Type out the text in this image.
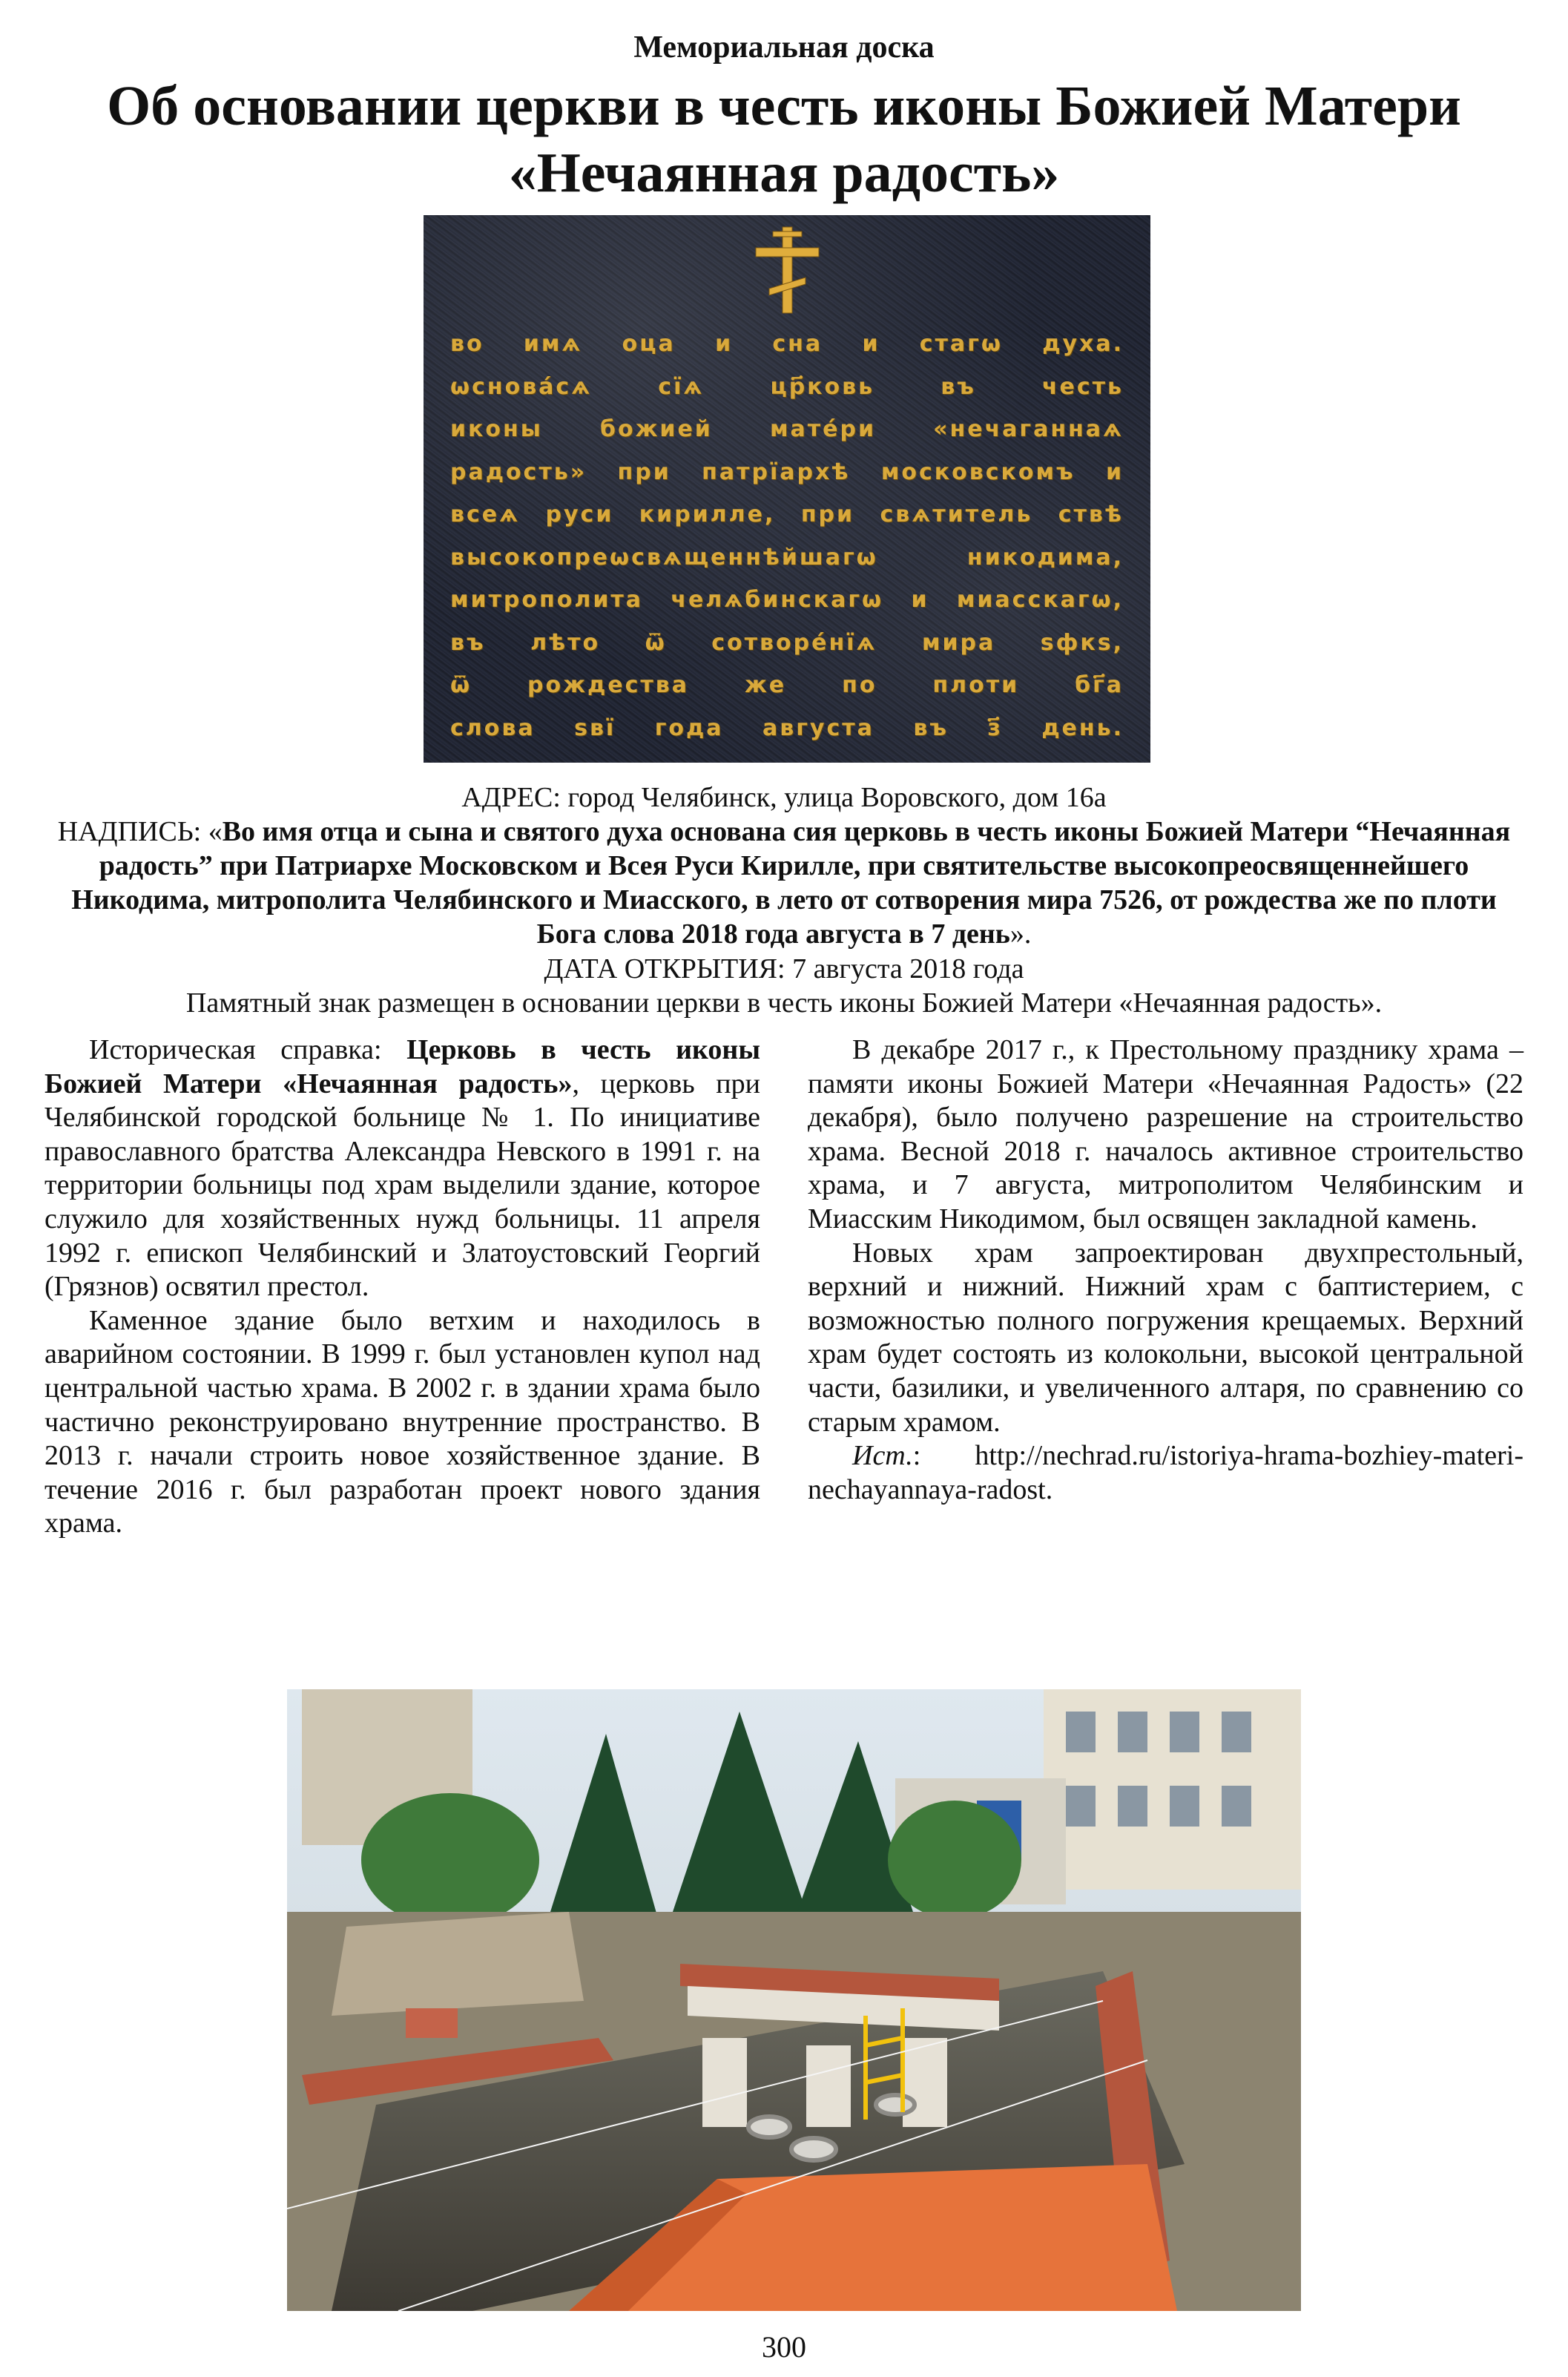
Мемориальная доска
Об основании церкви в честь иконы Божией Матери «Нечаянная радость»
во имѧ оца и сна и стагѡ духа.
ѡснова́сѧ сїѧ цр҃ковь въ честь
иконы божией мате́ри «нечаганнаѧ
радость» при патрїархѣ московскомъ и
всеѧ руси кирилле, при свѧтитель ствѣ
высокопреѡсвѧщеннѣйшагѡ никодима,
митрополита челѧбинскагѡ и миасскагѡ,
въ лѣто ѿ сотворе́нїѧ мира ѕфкѕ,
ѿ рождества же по плоти бг҃а
слова ѕвї года августа въ з҃ день.
АДРЕС: город Челябинск, улица Воровского, дом 16а
НАДПИСЬ: «Во имя отца и сына и святого духа основана сия церковь в честь иконы Божией Матери “Нечаянная радость” при Патриархе Московском и Всея Руси Кирилле, при святительстве высокопреосвященнейшего Никодима, митрополита Челябинского и Миасского, в лето от сотворения мира 7526, от рождества же по плоти Бога слова 2018 года августа в 7 день».
ДАТА ОТКРЫТИЯ: 7 августа 2018 года
Памятный знак размещен в основании церкви в честь иконы Божией Матери «Нечаянная радость».

Историческая справка: Церковь в честь иконы Божией Матери «Нечаянная радость», церковь при Челябинской городской больнице № 1. По инициативе православного братства Александра Невского в 1991 г. на территории больницы под храм выделили здание, которое служило для хозяйственных нужд больницы. 11 апреля 1992 г. епископ Челябинский и Златоустовский Георгий (Грязнов) освятил престол.

Каменное здание было ветхим и находилось в аварийном состоянии. В 1999 г. был установлен купол над центральной частью храма. В 2002 г. в здании храма было частично реконструировано внутренние пространство. В 2013 г. начали строить новое хозяйственное здание. В течение 2016 г. был разработан проект нового здания храма.

В декабре 2017 г., к Престольному празднику храма – памяти иконы Божией Матери «Нечаянная Радость» (22 декабря), было получено разрешение на строительство храма. Весной 2018 г. началось активное строительство храма, и 7 августа, митрополитом Челябинским и Миасским Никодимом, был освящен закладной камень.

Новых храм запроектирован двухпрестольный, верхний и нижний. Нижний храм с баптистерием, с возможностью полного погружения крещаемых. Верхний храм будет состоять из колокольни, высокой центральной части, базилики, и увеличенного алтаря, по сравнению со старым храмом.

Ист.: http://nechrad.ru/istoriya-hrama-bozhiey-materi-nechayannaya-radost.

300
